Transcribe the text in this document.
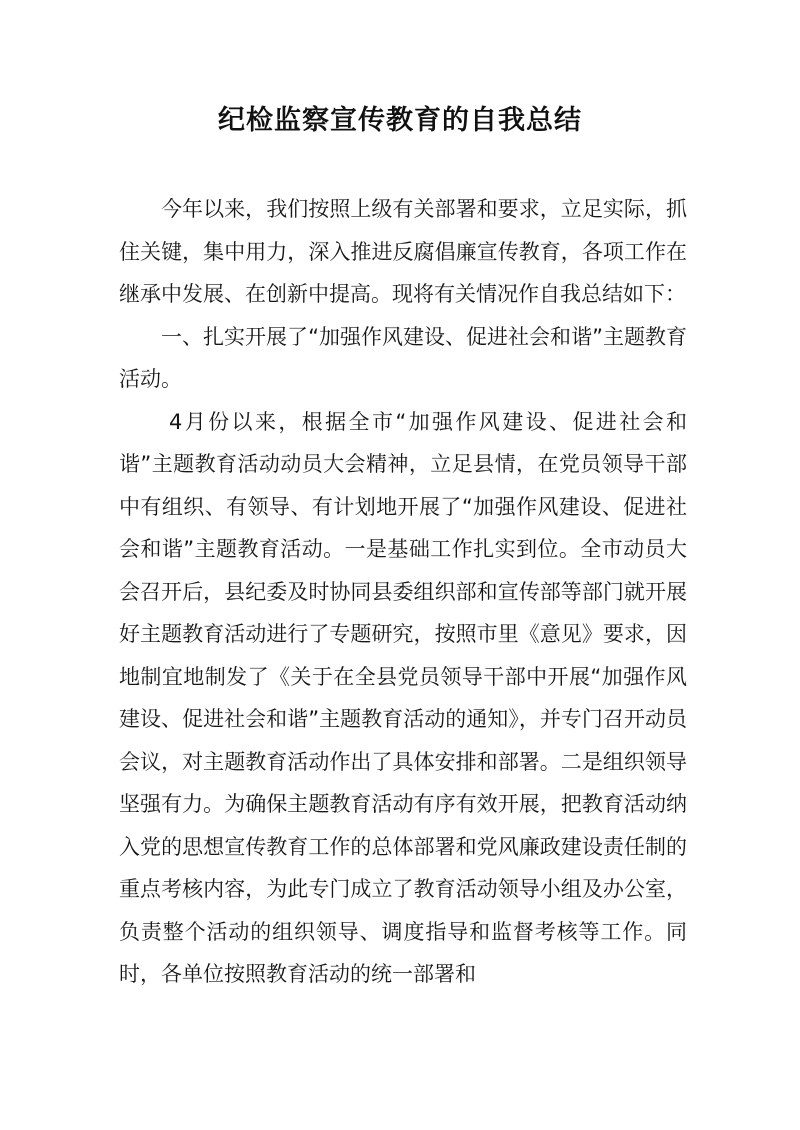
纪检监察宣传教育的自我总结

今年以来，我们按照上级有关部署和要求，立足实际，抓住关键，集中用力，深入推进反腐倡廉宣传教育，各项工作在继承中发展、在创新中提高。现将有关情况作自我总结如下：

一、扎实开展了“加强作风建设、促进社会和谐”主题教育活动。

4月份以来，根据全市“加强作风建设、促进社会和谐”主题教育活动动员大会精神，立足县情，在党员领导干部中有组织、有领导、有计划地开展了“加强作风建设、促进社会和谐”主题教育活动。一是基础工作扎实到位。全市动员大会召开后，县纪委及时协同县委组织部和宣传部等部门就开展好主题教育活动进行了专题研究，按照市里《意见》要求，因地制宜地制发了《关于在全县党员领导干部中开展“加强作风建设、促进社会和谐”主题教育活动的通知》，并专门召开动员会议，对主题教育活动作出了具体安排和部署。二是组织领导坚强有力。为确保主题教育活动有序有效开展，把教育活动纳入党的思想宣传教育工作的总体部署和党风廉政建设责任制的重点考核内容，为此专门成立了教育活动领导小组及办公室，负责整个活动的组织领导、调度指导和监督考核等工作。同时，各单位按照教育活动的统一部署和
